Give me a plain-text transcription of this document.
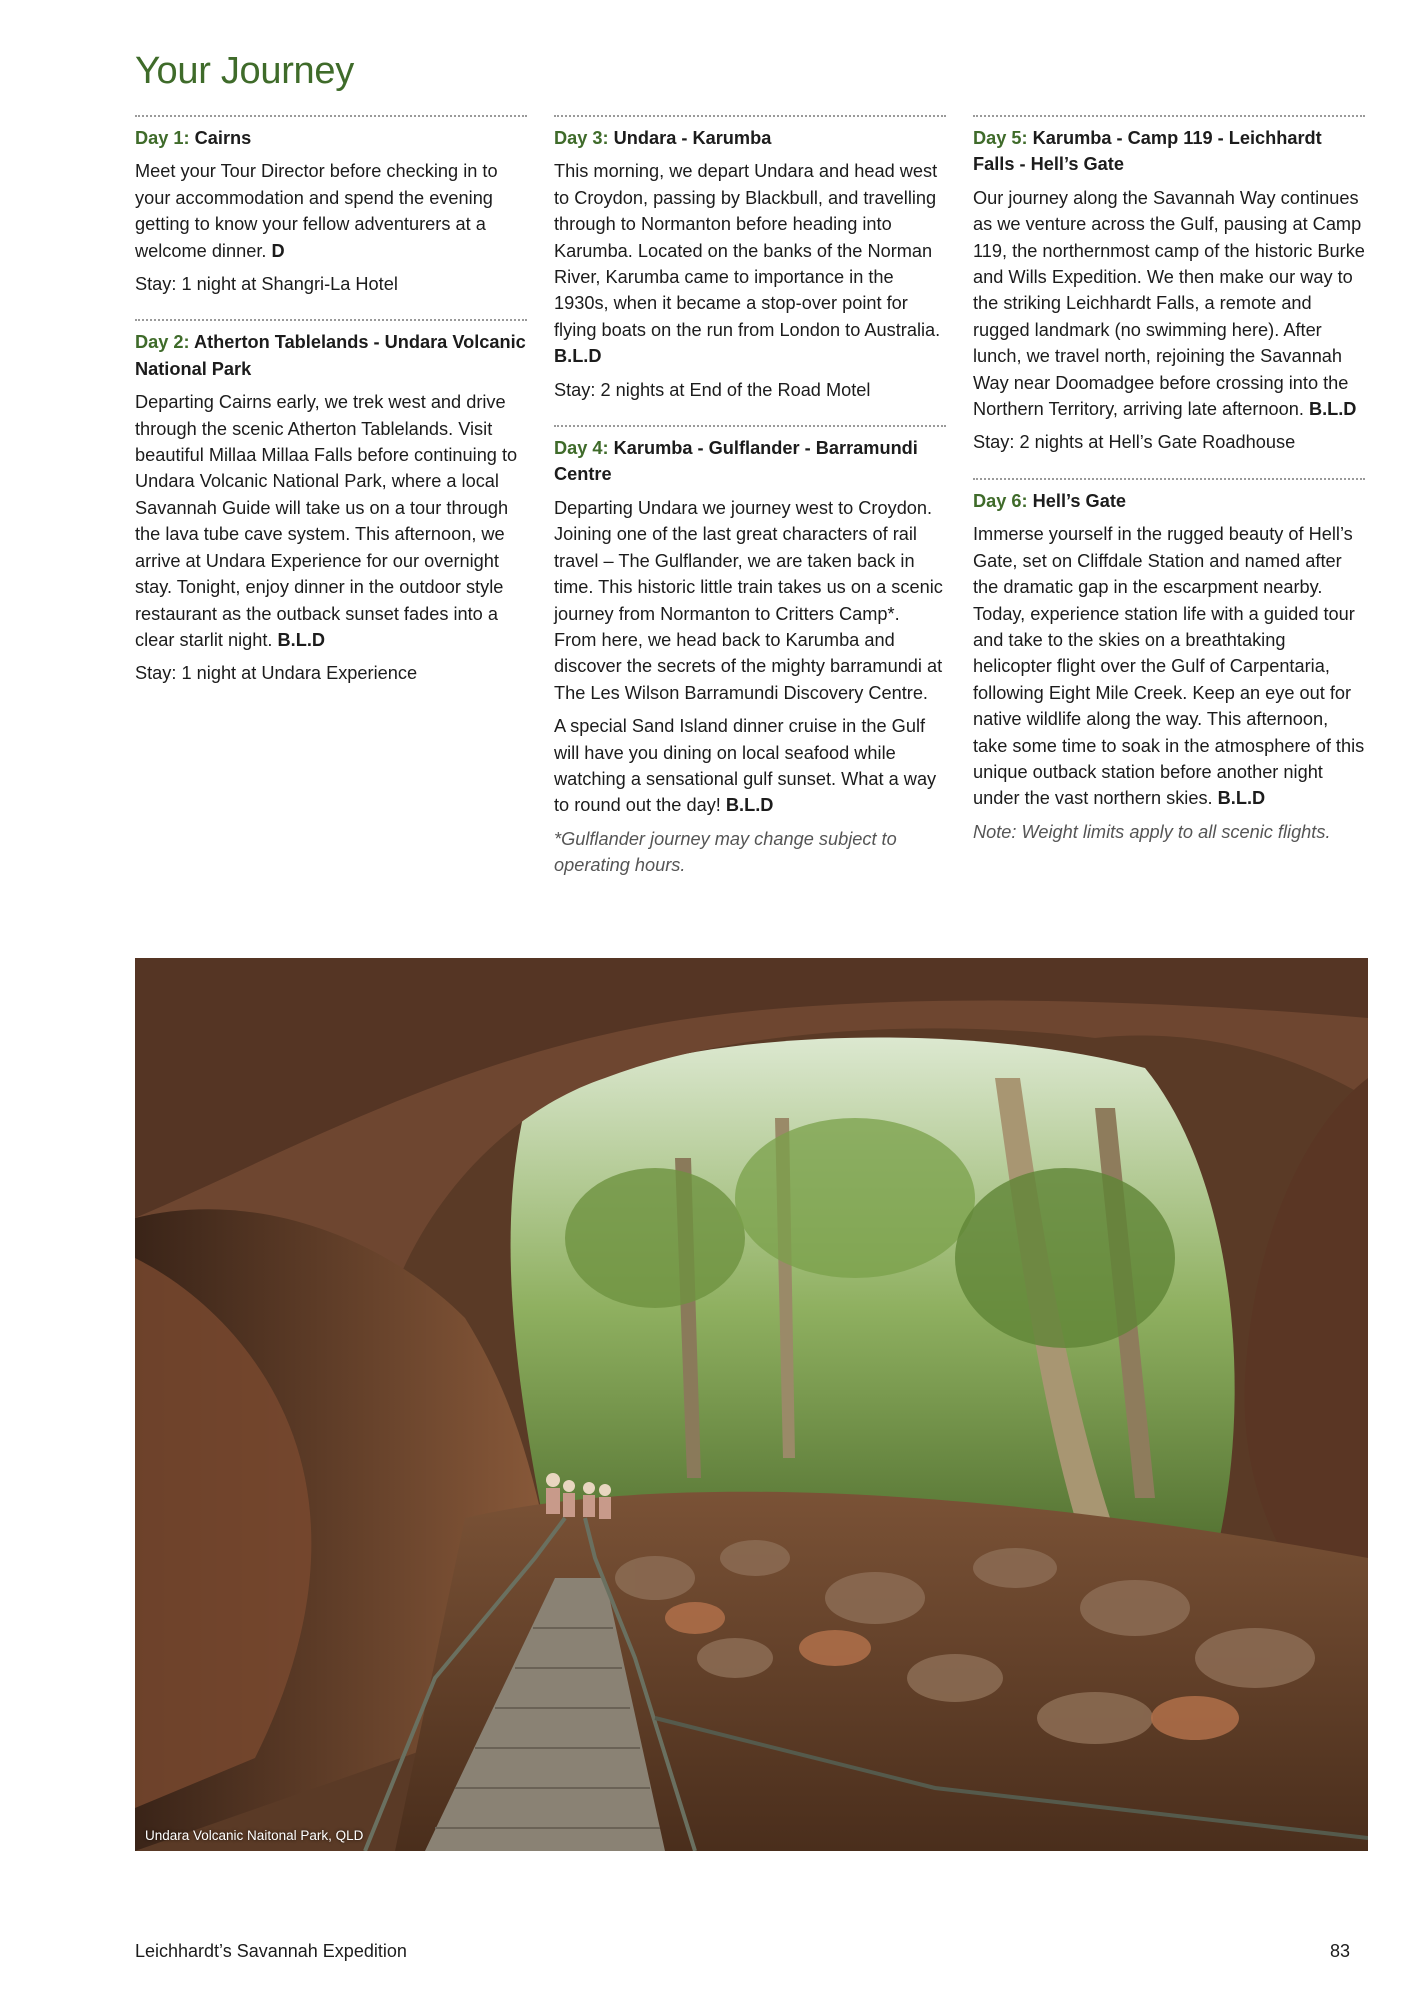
Your Journey
Day 1: Cairns

Meet your Tour Director before checking in to your accommodation and spend the evening getting to know your fellow adventurers at a welcome dinner. D

Stay: 1 night at Shangri-La Hotel

Day 2: Atherton Tablelands - Undara Volcanic National Park

Departing Cairns early, we trek west and drive through the scenic Atherton Tablelands. Visit beautiful Millaa Millaa Falls before continuing to Undara Volcanic National Park, where a local Savannah Guide will take us on a tour through the lava tube cave system. This afternoon, we arrive at Undara Experience for our overnight stay. Tonight, enjoy dinner in the outdoor style restaurant as the outback sunset fades into a clear starlit night. B.L.D

Stay: 1 night at Undara Experience

Day 3: Undara - Karumba

This morning, we depart Undara and head west to Croydon, passing by Blackbull, and travelling through to Normanton before heading into Karumba. Located on the banks of the Norman River, Karumba came to importance in the 1930s, when it became a stop-over point for flying boats on the run from London to Australia. B.L.D

Stay: 2 nights at End of the Road Motel

Day 4: Karumba - Gulflander - Barramundi Centre

Departing Undara we journey west to Croydon. Joining one of the last great characters of rail travel – The Gulflander, we are taken back in time. This historic little train takes us on a scenic journey from Normanton to Critters Camp*. From here, we head back to Karumba and discover the secrets of the mighty barramundi at The Les Wilson Barramundi Discovery Centre.

A special Sand Island dinner cruise in the Gulf will have you dining on local seafood while watching a sensational gulf sunset. What a way to round out the day! B.L.D

*Gulflander journey may change subject to operating hours.

Day 5: Karumba - Camp 119 - Leichhardt Falls - Hell’s Gate

Our journey along the Savannah Way continues as we venture across the Gulf, pausing at Camp 119, the northernmost camp of the historic Burke and Wills Expedition. We then make our way to the striking Leichhardt Falls, a remote and rugged landmark (no swimming here). After lunch, we travel north, rejoining the Savannah Way near Doomadgee before crossing into the Northern Territory, arriving late afternoon. B.L.D

Stay: 2 nights at Hell’s Gate Roadhouse

Day 6: Hell’s Gate

Immerse yourself in the rugged beauty of Hell’s Gate, set on Cliffdale Station and named after the dramatic gap in the escarpment nearby. Today, experience station life with a guided tour and take to the skies on a breathtaking helicopter flight over the Gulf of Carpentaria, following Eight Mile Creek. Keep an eye out for native wildlife along the way. This afternoon, take some time to soak in the atmosphere of this unique outback station before another night under the vast northern skies. B.L.D

Note: Weight limits apply to all scenic flights.

Undara Volcanic Naitonal Park, QLD

Leichhardt’s Savannah Expedition	83
